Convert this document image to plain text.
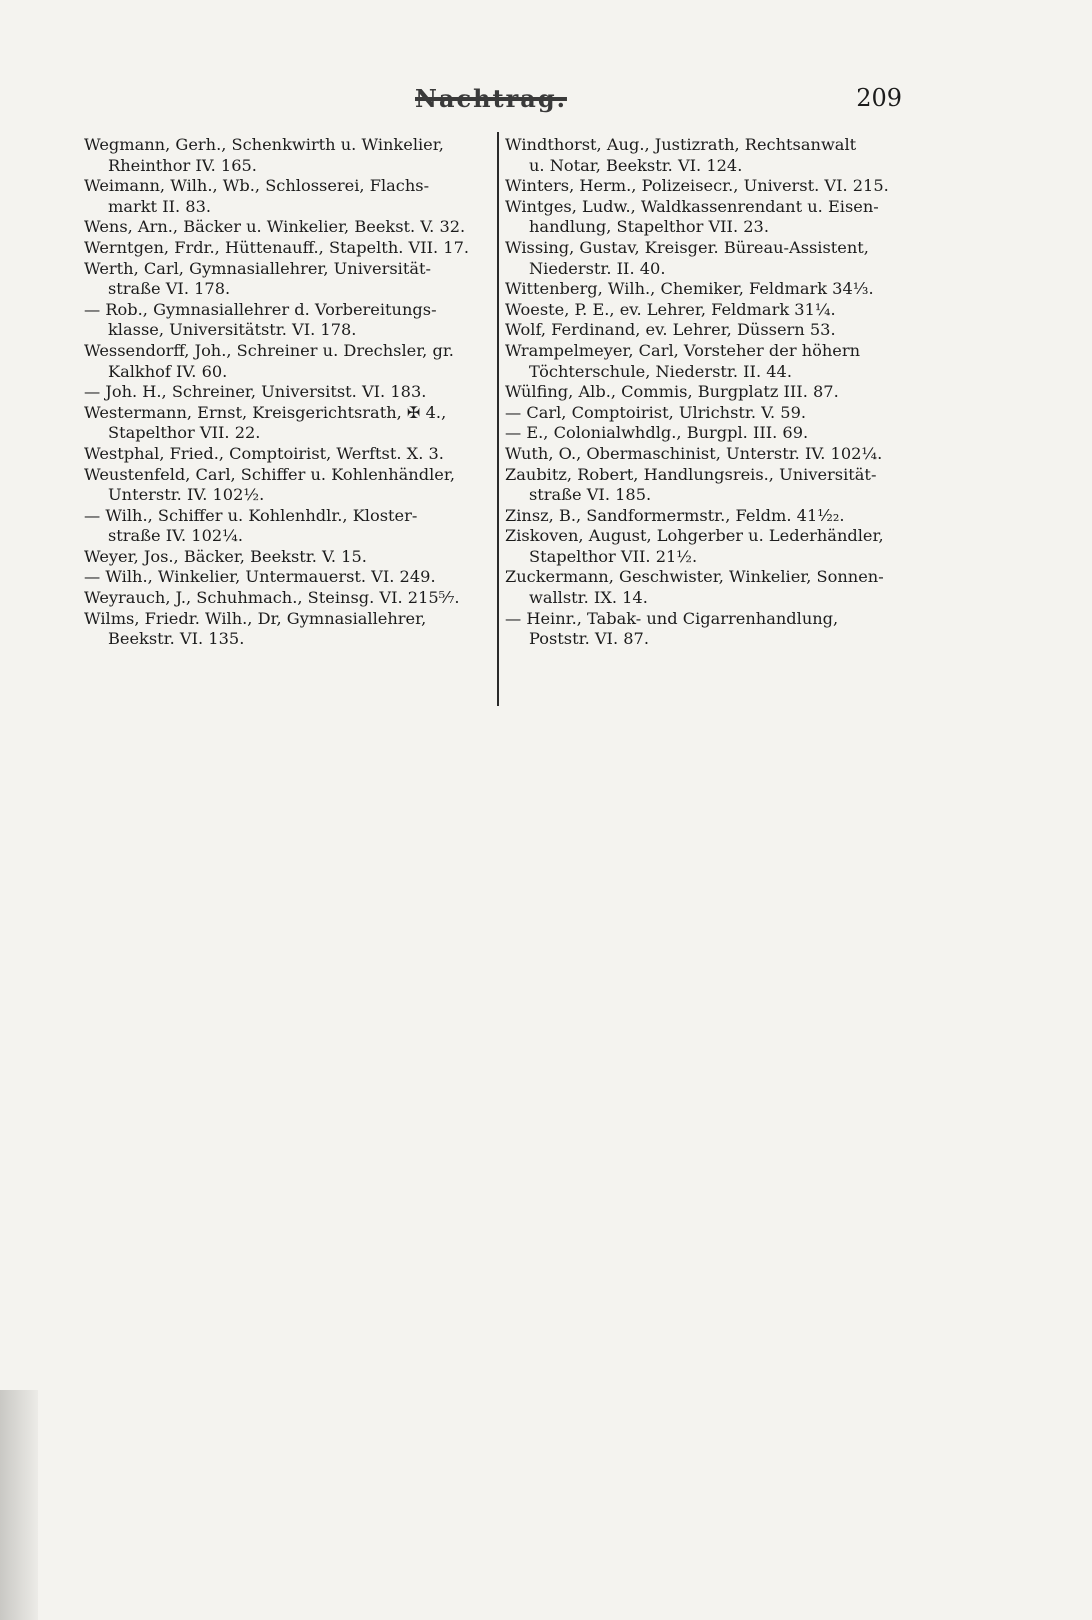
Nachtrag.	209

Wegmann, Gerh., Schenkwirth u. Winkelier,
Rheinthor IV. 165.

Weimann, Wilh., Wb., Schlosserei, Flachs-
markt II. 83.

Wens, Arn., Bäcker u. Winkelier, Beekst. V. 32.

Werntgen, Frdr., Hüttenauff., Stapelth. VII. 17.

Werth, Carl, Gymnasiallehrer, Universität-
straße VI. 178.

— Rob., Gymnasiallehrer d. Vorbereitungs-
klasse, Universitätstr. VI. 178.

Wessendorff, Joh., Schreiner u. Drechsler, gr.
Kalkhof IV. 60.

— Joh. H., Schreiner, Universitst. VI. 183.

Westermann, Ernst, Kreisgerichtsrath, ✠ 4.,
Stapelthor VII. 22.

Westphal, Fried., Comptoirist, Werftst. X. 3.

Weustenfeld, Carl, Schiffer u. Kohlenhändler,
Unterstr. IV. 102½.

— Wilh., Schiffer u. Kohlenhdlr., Kloster-
straße IV. 102¼.

Weyer, Jos., Bäcker, Beekstr. V. 15.

— Wilh., Winkelier, Untermauerst. VI. 249.

Weyrauch, J., Schuhmach., Steinsg. VI. 215⁵⁄₇.

Wilms, Friedr. Wilh., Dr, Gymnasiallehrer,
Beekstr. VI. 135.

Windthorst, Aug., Justizrath, Rechtsanwalt
u. Notar, Beekstr. VI. 124.

Winters, Herm., Polizeisecr., Universt. VI. 215.

Wintges, Ludw., Waldkassenrendant u. Eisen-
handlung, Stapelthor VII. 23.

Wissing, Gustav, Kreisger. Büreau-Assistent,
Niederstr. II. 40.

Wittenberg, Wilh., Chemiker, Feldmark 34⅓.

Woeste, P. E., ev. Lehrer, Feldmark 31¼.

Wolf, Ferdinand, ev. Lehrer, Düssern 53.

Wrampelmeyer, Carl, Vorsteher der höhern
Töchterschule, Niederstr. II. 44.

Wülfing, Alb., Commis, Burgplatz III. 87.

— Carl, Comptoirist, Ulrichstr. V. 59.

— E., Colonialwhdlg., Burgpl. III. 69.

Wuth, O., Obermaschinist, Unterstr. IV. 102¼.

Zaubitz, Robert, Handlungsreis., Universität-
straße VI. 185.

Zinsz, B., Sandformermstr., Feldm. 41¹⁄₂₂.

Ziskoven, August, Lohgerber u. Lederhändler,
Stapelthor VII. 21½.

Zuckermann, Geschwister, Winkelier, Sonnen-
wallstr. IX. 14.

— Heinr., Tabak- und Cigarrenhandlung,
Poststr. VI. 87.
